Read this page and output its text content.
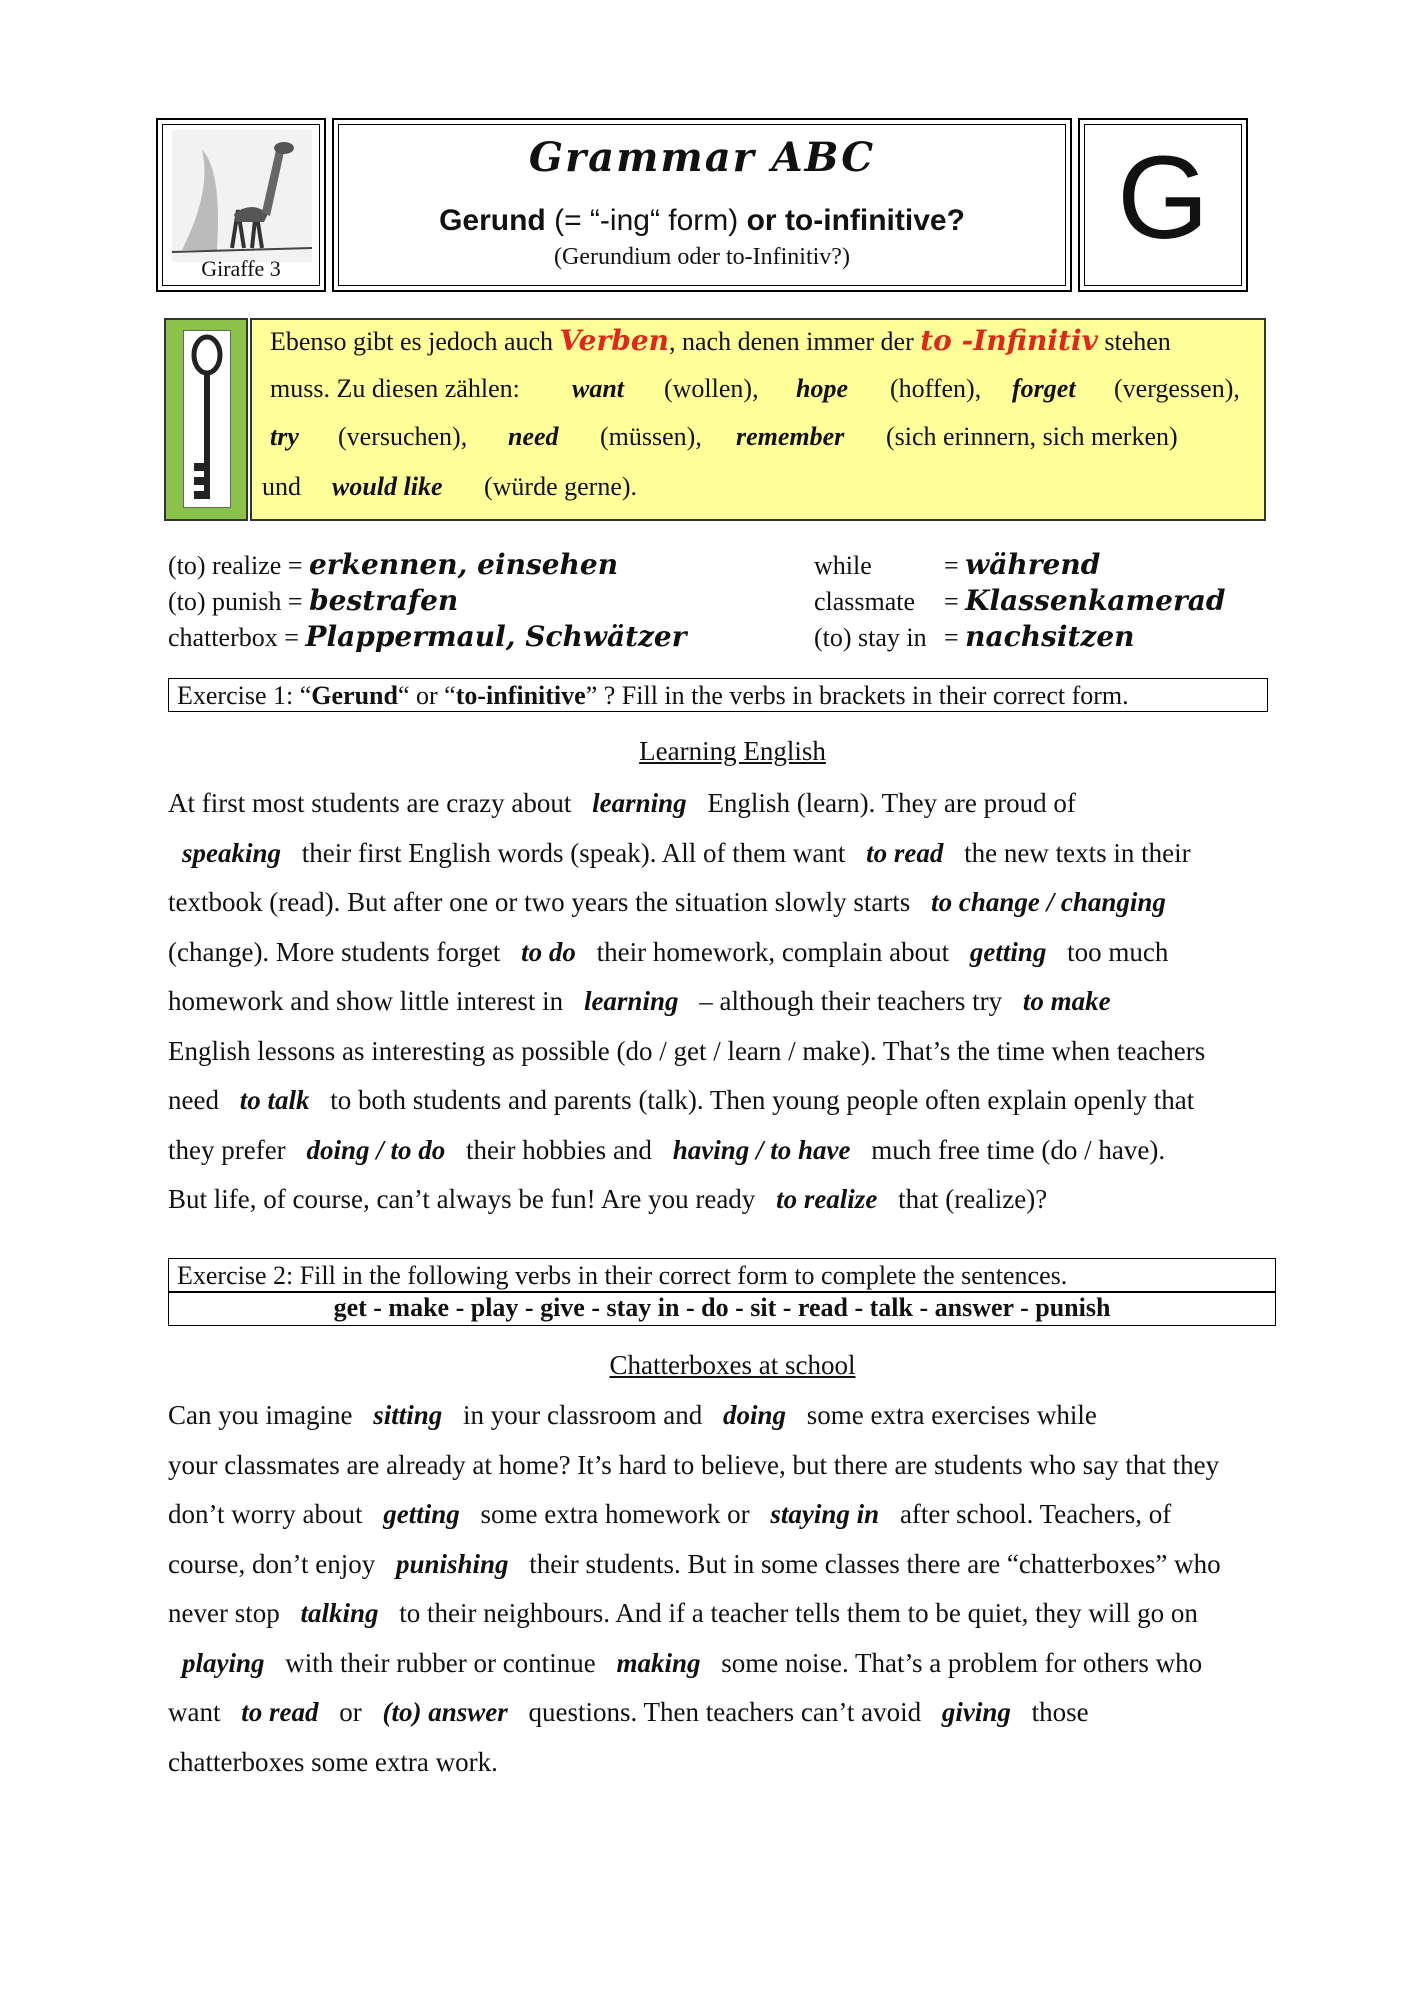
Giraffe 3
Grammar ABC
Gerund (= “-ing“ form) or to-infinitive?
(Gerundium oder to-Infinitiv?)	G
Ebenso gibt es jedoch auch Verben, nach denen immer der to -Infinitiv stehen
muss. Zu diesen zählen: want (wollen), hope (hoffen), forget (vergessen),
try (versuchen), need (müssen), remember (sich erinnern, sich merken)
und would like (würde gerne).
(to) realize = erkennen, einsehen
(to) punish = bestrafen
chatterbox = Plappermaul, Schwätzer
while	= während
classmate = Klassenkamerad
(to) stay in = nachsitzen
Exercise 1: “Gerund“ or “to-infinitive” ? Fill in the verbs in brackets in their correct form.
Learning English
At first most students are crazy about learning English (learn). They are proud of
speaking their first English words (speak). All of them want to read the new texts in their
textbook (read). But after one or two years the situation slowly starts to change / changing
(change). More students forget to do their homework, complain about getting too much
homework and show little interest in learning – although their teachers try to make
English lessons as interesting as possible (do / get / learn / make). That’s the time when teachers
need to talk to both students and parents (talk). Then young people often explain openly that
they prefer doing / to do their hobbies and having / to have much free time (do / have).
But life, of course, can’t always be fun! Are you ready to realize that (realize)?
Exercise 2: Fill in the following verbs in their correct form to complete the sentences.
get - make - play - give - stay in - do - sit - read - talk - answer - punish
Chatterboxes at school
Can you imagine sitting in your classroom and doing some extra exercises while
your classmates are already at home? It’s hard to believe, but there are students who say that they
don’t worry about getting some extra homework or staying in after school. Teachers, of
course, don’t enjoy punishing their students. But in some classes there are “chatterboxes” who
never stop talking to their neighbours. And if a teacher tells them to be quiet, they will go on
playing with their rubber or continue making some noise. That’s a problem for others who
want to read or (to) answer questions. Then teachers can’t avoid giving those
chatterboxes some extra work.
